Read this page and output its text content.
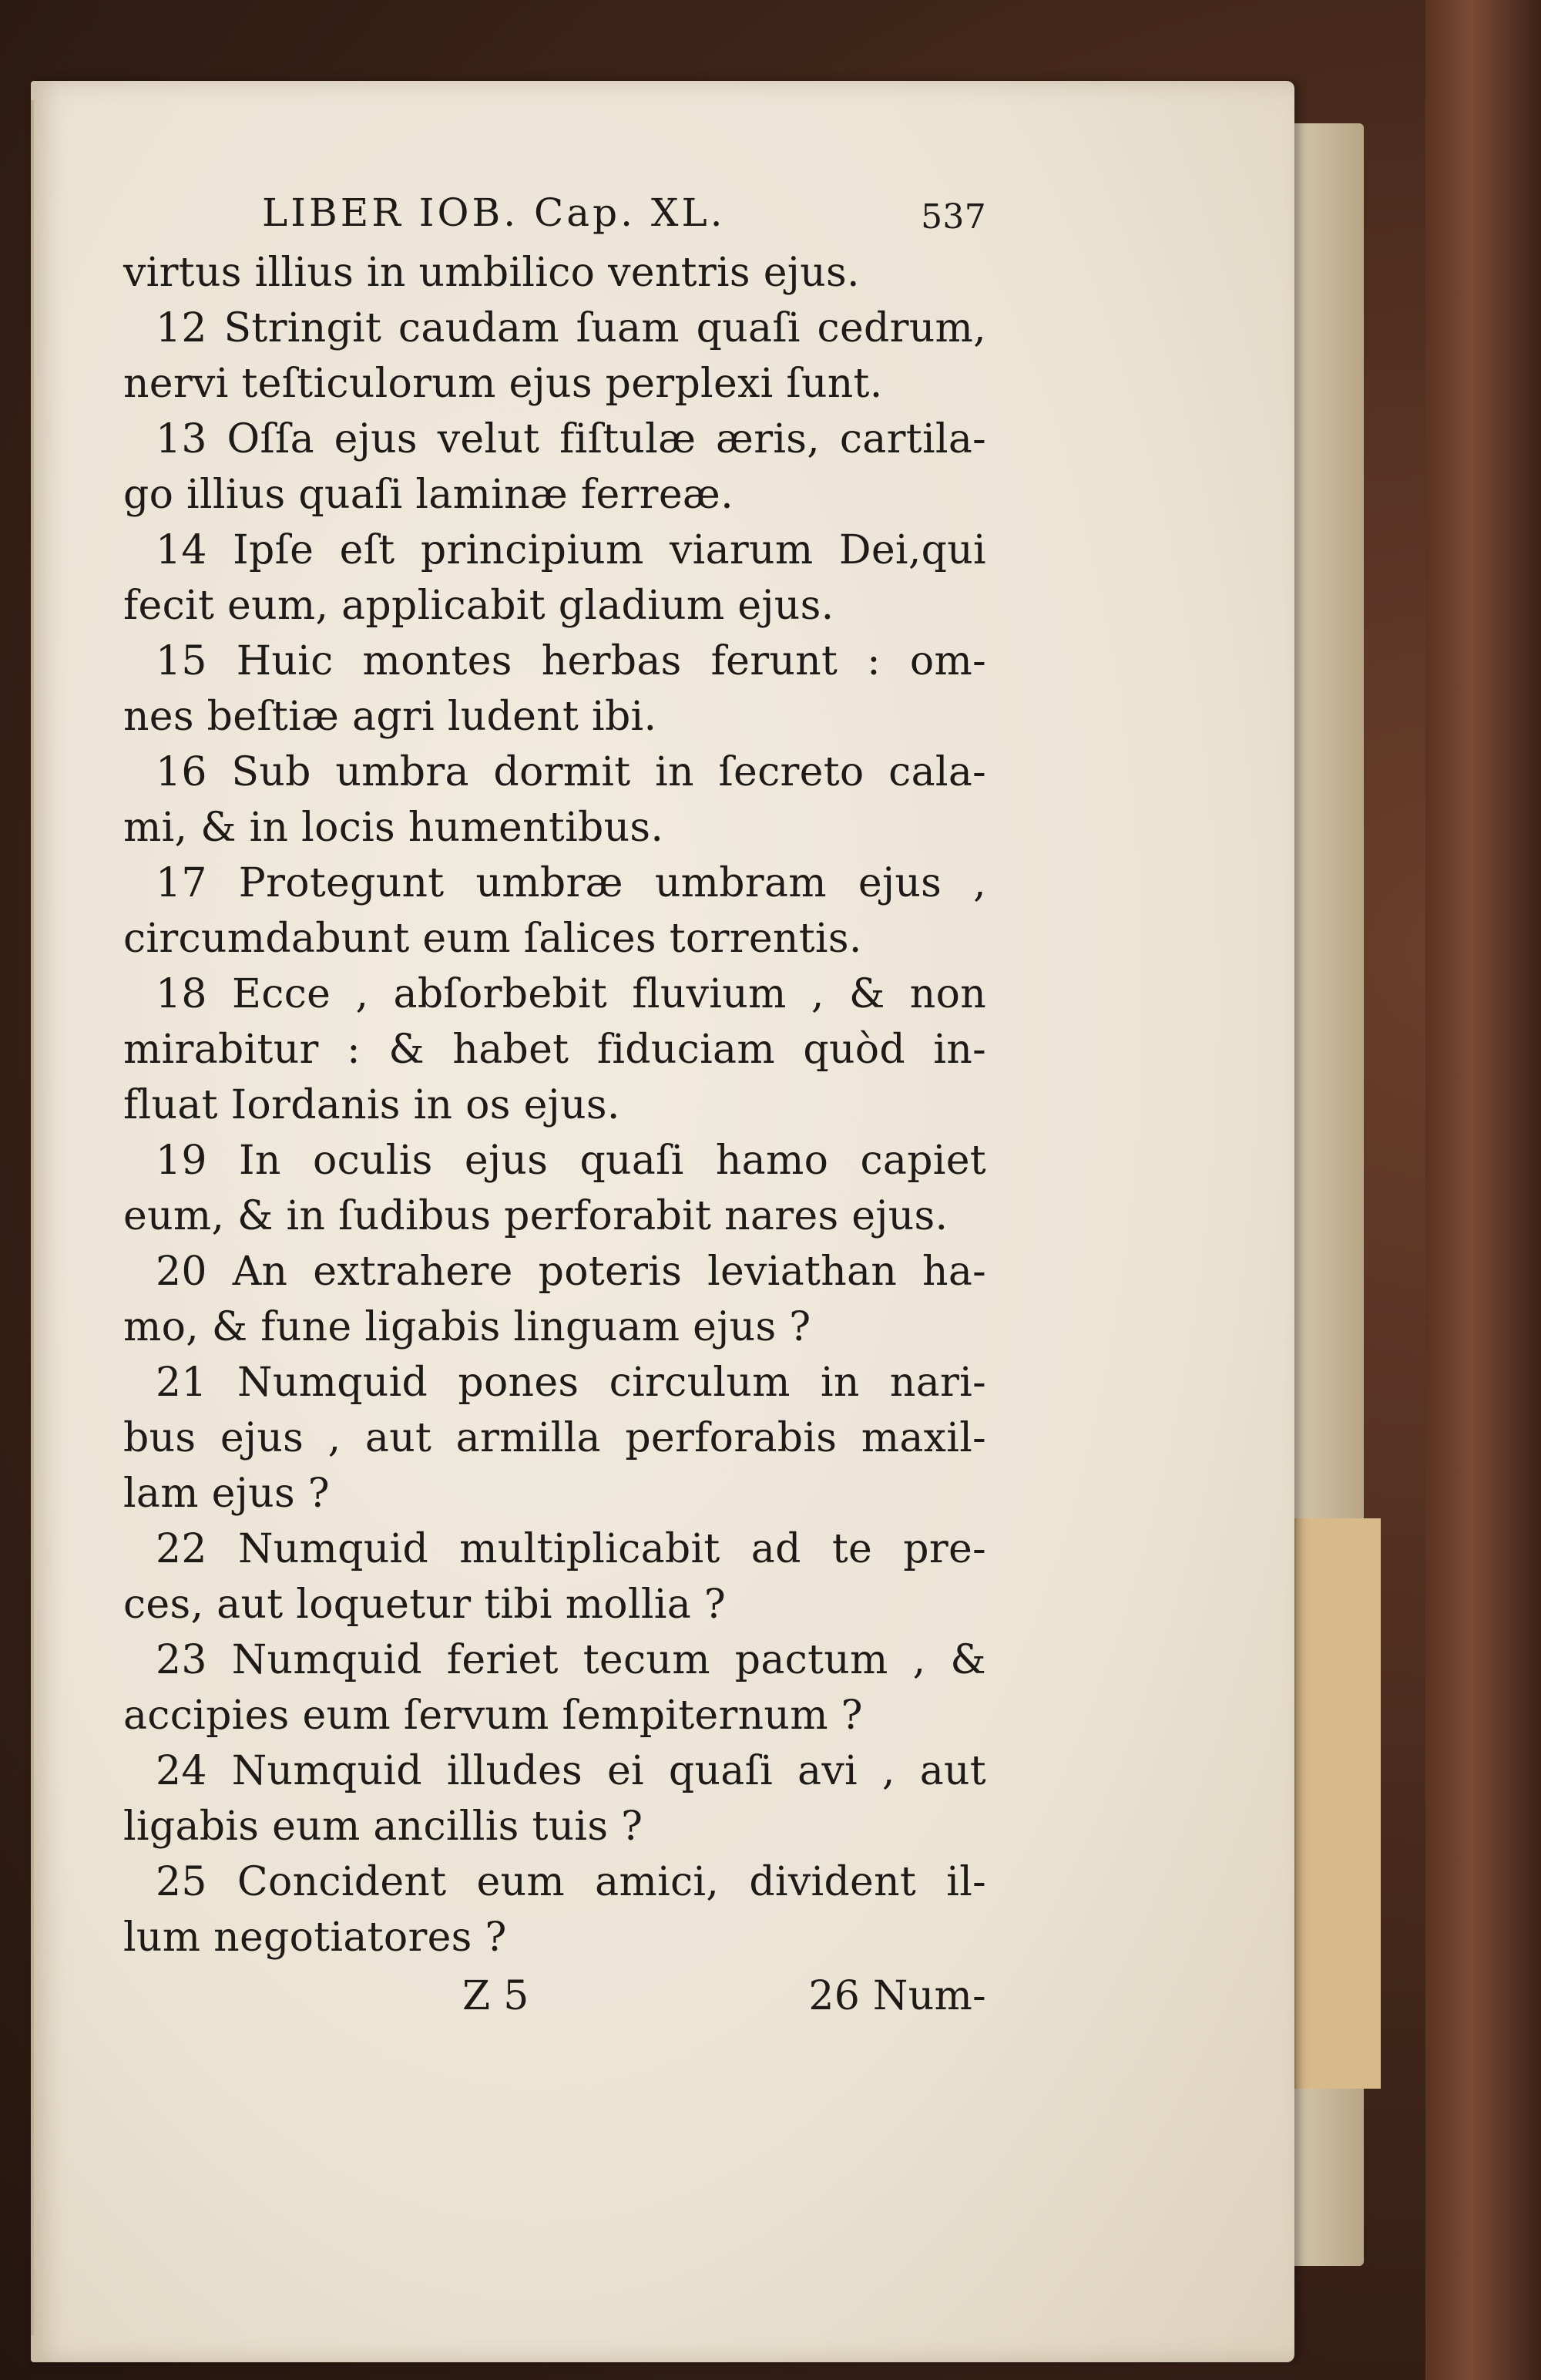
LIBER IOB. Cap. XL.	537
virtus illius in umbilico ventris ejus.
12 Stringit caudam ſuam quaſi cedrum,
nervi teſticulorum ejus perplexi ſunt.
13 Oſſa ejus velut fiſtulæ æris, cartila-
go illius quaſi laminæ ferreæ.
14 Ipſe eſt principium viarum Dei,qui
fecit eum, applicabit gladium ejus.
15 Huic montes herbas ferunt : om-
nes beſtiæ agri ludent ibi.
16 Sub umbra dormit in ſecreto cala-
mi, & in locis humentibus.
17 Protegunt umbræ umbram ejus ,
circumdabunt eum ſalices torrentis.
18 Ecce , abſorbebit fluvium , & non
mirabitur : & habet fiduciam quòd in-
fluat Iordanis in os ejus.
19 In oculis ejus quaſi hamo capiet
eum, & in ſudibus perforabit nares ejus.
20 An extrahere poteris leviathan ha-
mo, & fune ligabis linguam ejus ?
21 Numquid pones circulum in nari-
bus ejus , aut armilla perforabis maxil-
lam ejus ?
22 Numquid multiplicabit ad te pre-
ces, aut loquetur tibi mollia ?
23 Numquid feriet tecum pactum , &
accipies eum ſervum ſempiternum ?
24 Numquid illudes ei quaſi avi , aut
ligabis eum ancillis tuis ?
25 Concident eum amici, divident il-
lum negotiatores ?
Z 5	26 Num-
